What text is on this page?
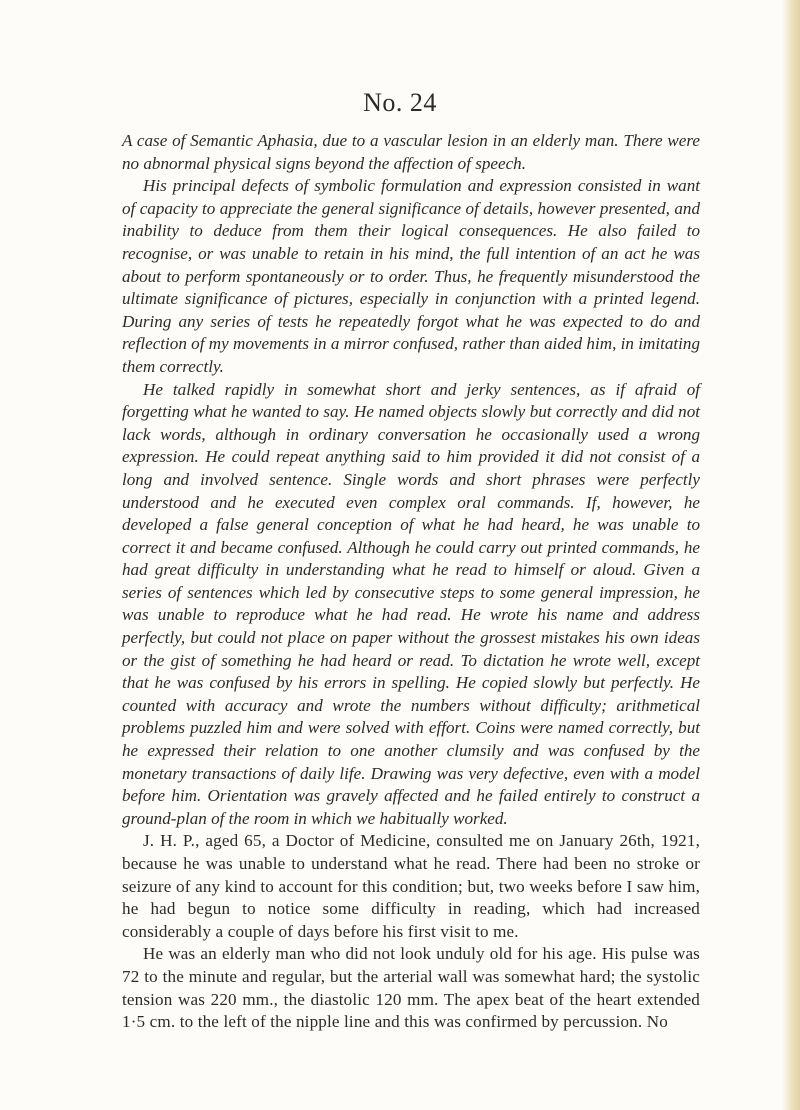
No. 24

A case of Semantic Aphasia, due to a vascular lesion in an elderly man. There were no abnormal physical signs beyond the affection of speech.

His principal defects of symbolic formulation and expression consisted in want of capacity to appreciate the general significance of details, however presented, and inability to deduce from them their logical consequences. He also failed to recognise, or was unable to retain in his mind, the full intention of an act he was about to perform spontaneously or to order. Thus, he frequently misunderstood the ultimate significance of pictures, especially in conjunction with a printed legend. During any series of tests he repeatedly forgot what he was expected to do and reflection of my movements in a mirror confused, rather than aided him, in imitating them correctly.

He talked rapidly in somewhat short and jerky sentences, as if afraid of forgetting what he wanted to say. He named objects slowly but correctly and did not lack words, although in ordinary conversation he occasionally used a wrong expression. He could repeat anything said to him provided it did not consist of a long and involved sentence. Single words and short phrases were perfectly understood and he executed even complex oral commands. If, however, he developed a false general conception of what he had heard, he was unable to correct it and became confused. Although he could carry out printed commands, he had great difficulty in understanding what he read to himself or aloud. Given a series of sentences which led by consecutive steps to some general impression, he was unable to reproduce what he had read. He wrote his name and address perfectly, but could not place on paper without the grossest mistakes his own ideas or the gist of something he had heard or read. To dictation he wrote well, except that he was confused by his errors in spelling. He copied slowly but perfectly. He counted with accuracy and wrote the numbers without difficulty; arithmetical problems puzzled him and were solved with effort. Coins were named correctly, but he expressed their relation to one another clumsily and was confused by the monetary transactions of daily life. Drawing was very defective, even with a model before him. Orientation was gravely affected and he failed entirely to construct a ground-plan of the room in which we habitually worked.

J. H. P., aged 65, a Doctor of Medicine, consulted me on January 26th, 1921, because he was unable to understand what he read. There had been no stroke or seizure of any kind to account for this condition; but, two weeks before I saw him, he had begun to notice some difficulty in reading, which had increased considerably a couple of days before his first visit to me.

He was an elderly man who did not look unduly old for his age. His pulse was 72 to the minute and regular, but the arterial wall was somewhat hard; the systolic tension was 220 mm., the diastolic 120 mm. The apex beat of the heart extended 1·5 cm. to the left of the nipple line and this was confirmed by percussion. No
